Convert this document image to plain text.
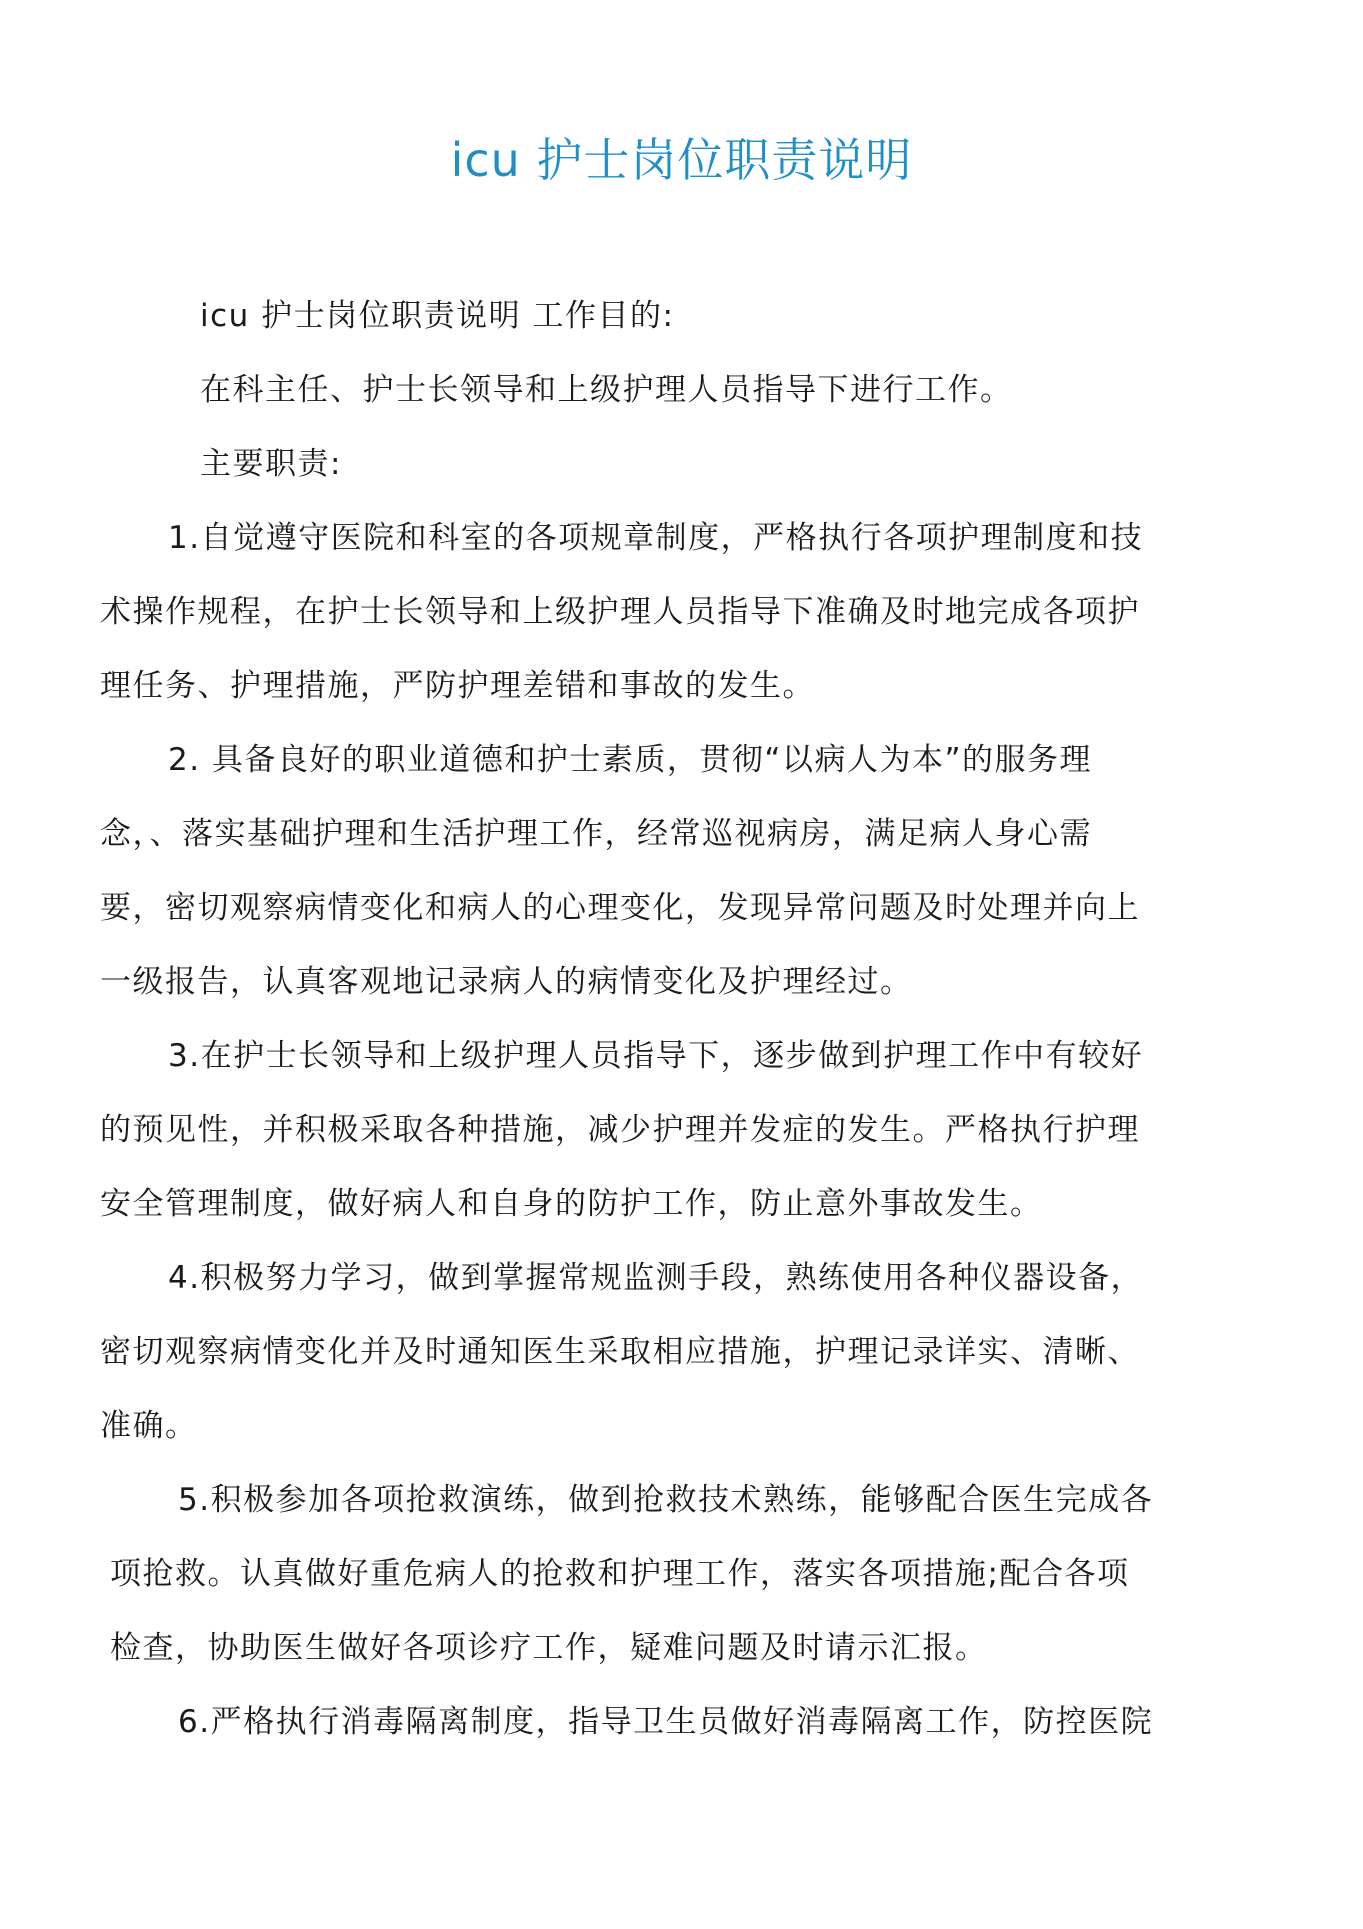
icu 护士岗位职责说明
icu 护士岗位职责说明 工作目的:
在科主任、护士长领导和上级护理人员指导下进行工作。
主要职责:
1.自觉遵守医院和科室的各项规章制度，严格执行各项护理制度和技
术操作规程，在护士长领导和上级护理人员指导下准确及时地完成各项护
理任务、护理措施，严防护理差错和事故的发生。
2. 具备良好的职业道德和护士素质，贯彻“以病人为本”的服务理
念，、落实基础护理和生活护理工作，经常巡视病房，满足病人身心需
要，密切观察病情变化和病人的心理变化，发现异常问题及时处理并向上
一级报告，认真客观地记录病人的病情变化及护理经过。
3.在护士长领导和上级护理人员指导下，逐步做到护理工作中有较好
的预见性，并积极采取各种措施，减少护理并发症的发生。严格执行护理
安全管理制度，做好病人和自身的防护工作，防止意外事故发生。
4.积极努力学习，做到掌握常规监测手段，熟练使用各种仪器设备，
密切观察病情变化并及时通知医生采取相应措施，护理记录详实、清晰、
准确。
5.积极参加各项抢救演练，做到抢救技术熟练，能够配合医生完成各
项抢救。认真做好重危病人的抢救和护理工作，落实各项措施;配合各项
检查，协助医生做好各项诊疗工作，疑难问题及时请示汇报。
6.严格执行消毒隔离制度，指导卫生员做好消毒隔离工作，防控医院
